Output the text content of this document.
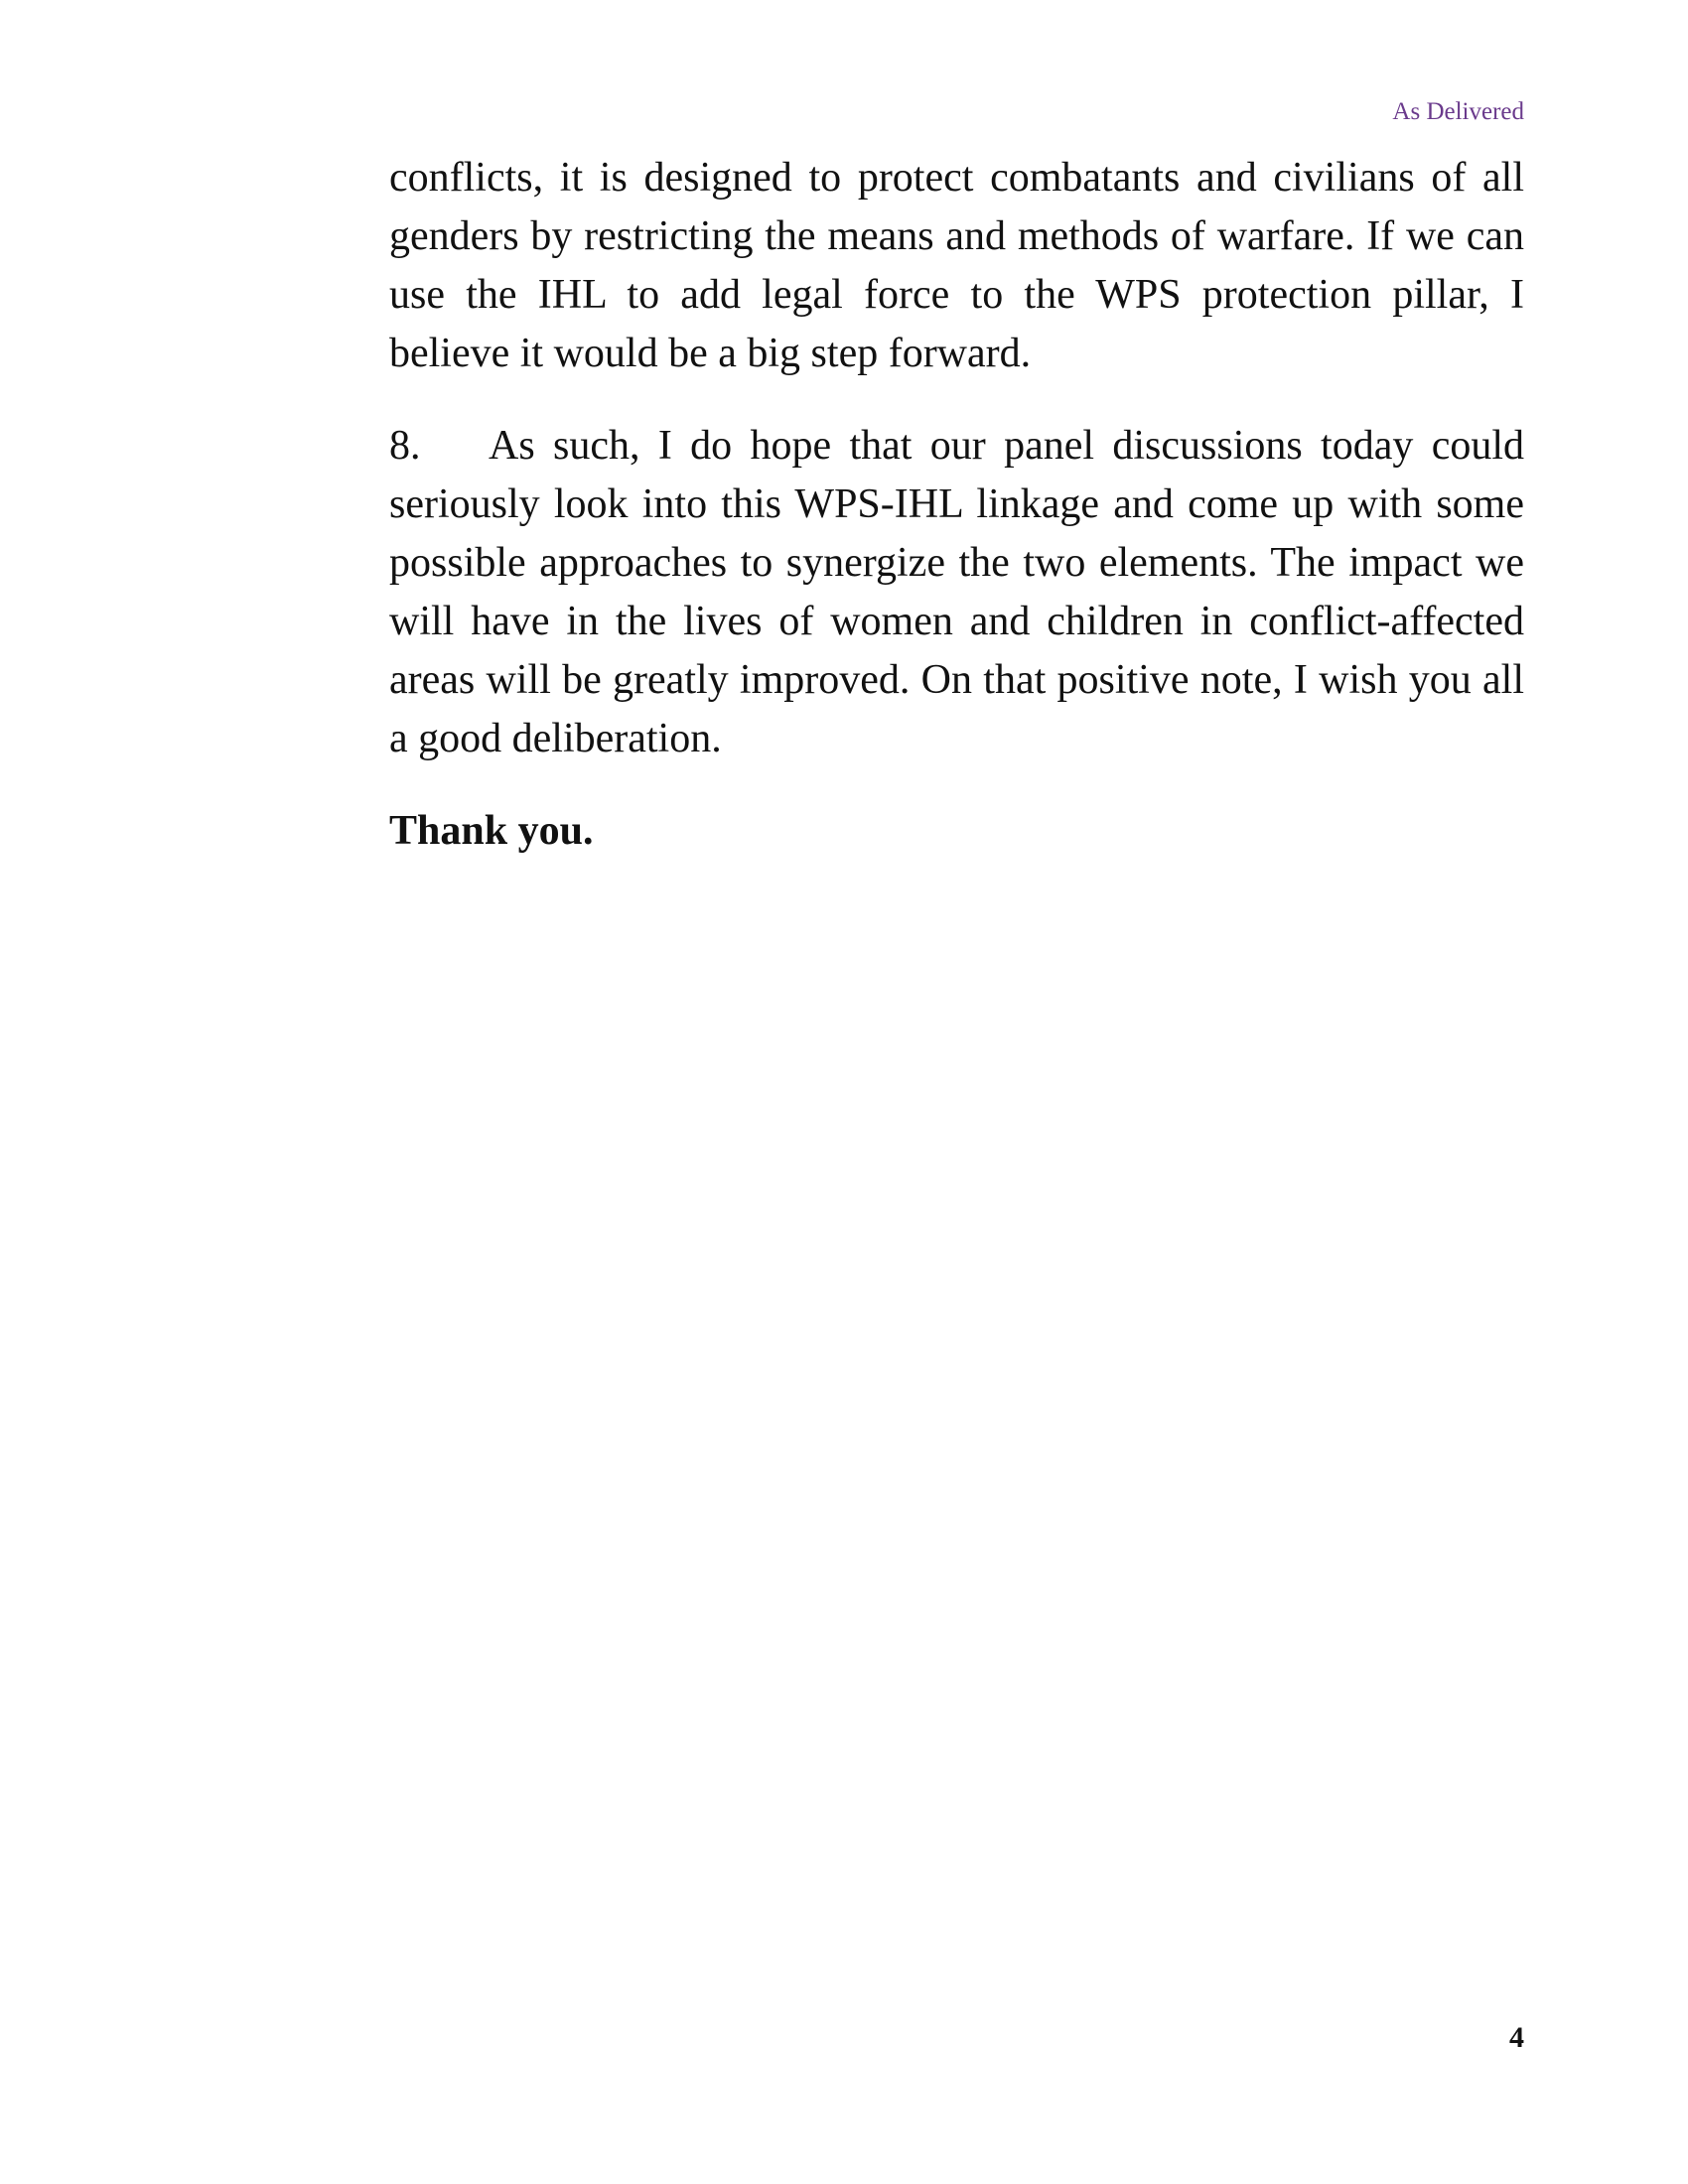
As Delivered

conflicts, it is designed to protect combatants and civilians of all genders by restricting the means and methods of warfare. If we can use the IHL to add legal force to the WPS protection pillar, I believe it would be a big step forward.

8. As such, I do hope that our panel discussions today could seriously look into this WPS-IHL linkage and come up with some possible approaches to synergize the two elements. The impact we will have in the lives of women and children in conflict-affected areas will be greatly improved. On that positive note, I wish you all a good deliberation.

Thank you.
4
